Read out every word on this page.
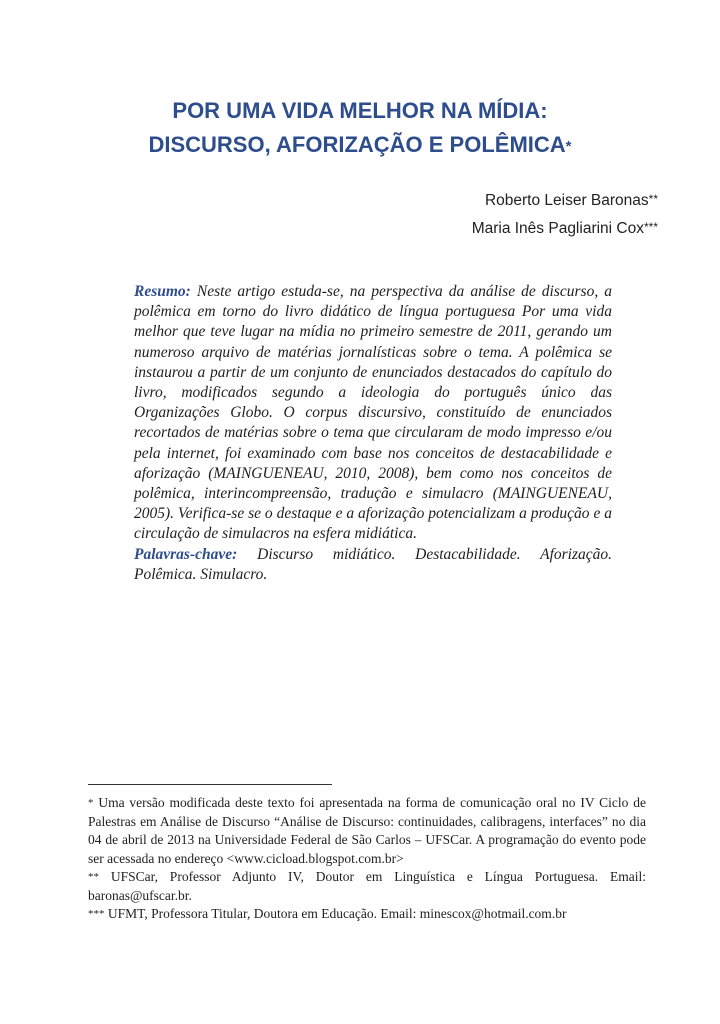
POR UMA VIDA MELHOR NA MÍDIA:
DISCURSO, AFORIZAÇÃO E POLÊMICA*
Roberto Leiser Baronas**
Maria Inês Pagliarini Cox***

Resumo: Neste artigo estuda-se, na perspectiva da análise de discurso, a polêmica em torno do livro didático de língua portuguesa Por uma vida melhor que teve lugar na mídia no primeiro semestre de 2011, gerando um numeroso arquivo de matérias jornalísticas sobre o tema. A polêmica se instaurou a partir de um conjunto de enunciados destacados do capítulo do livro, modificados segundo a ideologia do português único das Organizações Globo. O corpus discursivo, constituído de enunciados recortados de matérias sobre o tema que circularam de modo impresso e/ou pela internet, foi examinado com base nos conceitos de destacabilidade e aforização (MAINGUENEAU, 2010, 2008), bem como nos conceitos de polêmica, interincompreensão, tradução e simulacro (MAINGUENEAU, 2005). Verifica-se se o destaque e a aforização potencializam a produção e a circulação de simulacros na esfera midiática.

Palavras-chave: Discurso midiático. Destacabilidade. Aforização. Polêmica. Simulacro.

* Uma versão modificada deste texto foi apresentada na forma de comunicação oral no IV Ciclo de Palestras em Análise de Discurso “Análise de Discurso: continuidades, calibragens, interfaces” no dia 04 de abril de 2013 na Universidade Federal de São Carlos – UFSCar. A programação do evento pode ser acessada no endereço <www.cicload.blogspot.com.br>

** UFSCar, Professor Adjunto IV, Doutor em Linguística e Língua Portuguesa. Email: baronas@ufscar.br.

*** UFMT, Professora Titular, Doutora em Educação. Email: minescox@hotmail.com.br
